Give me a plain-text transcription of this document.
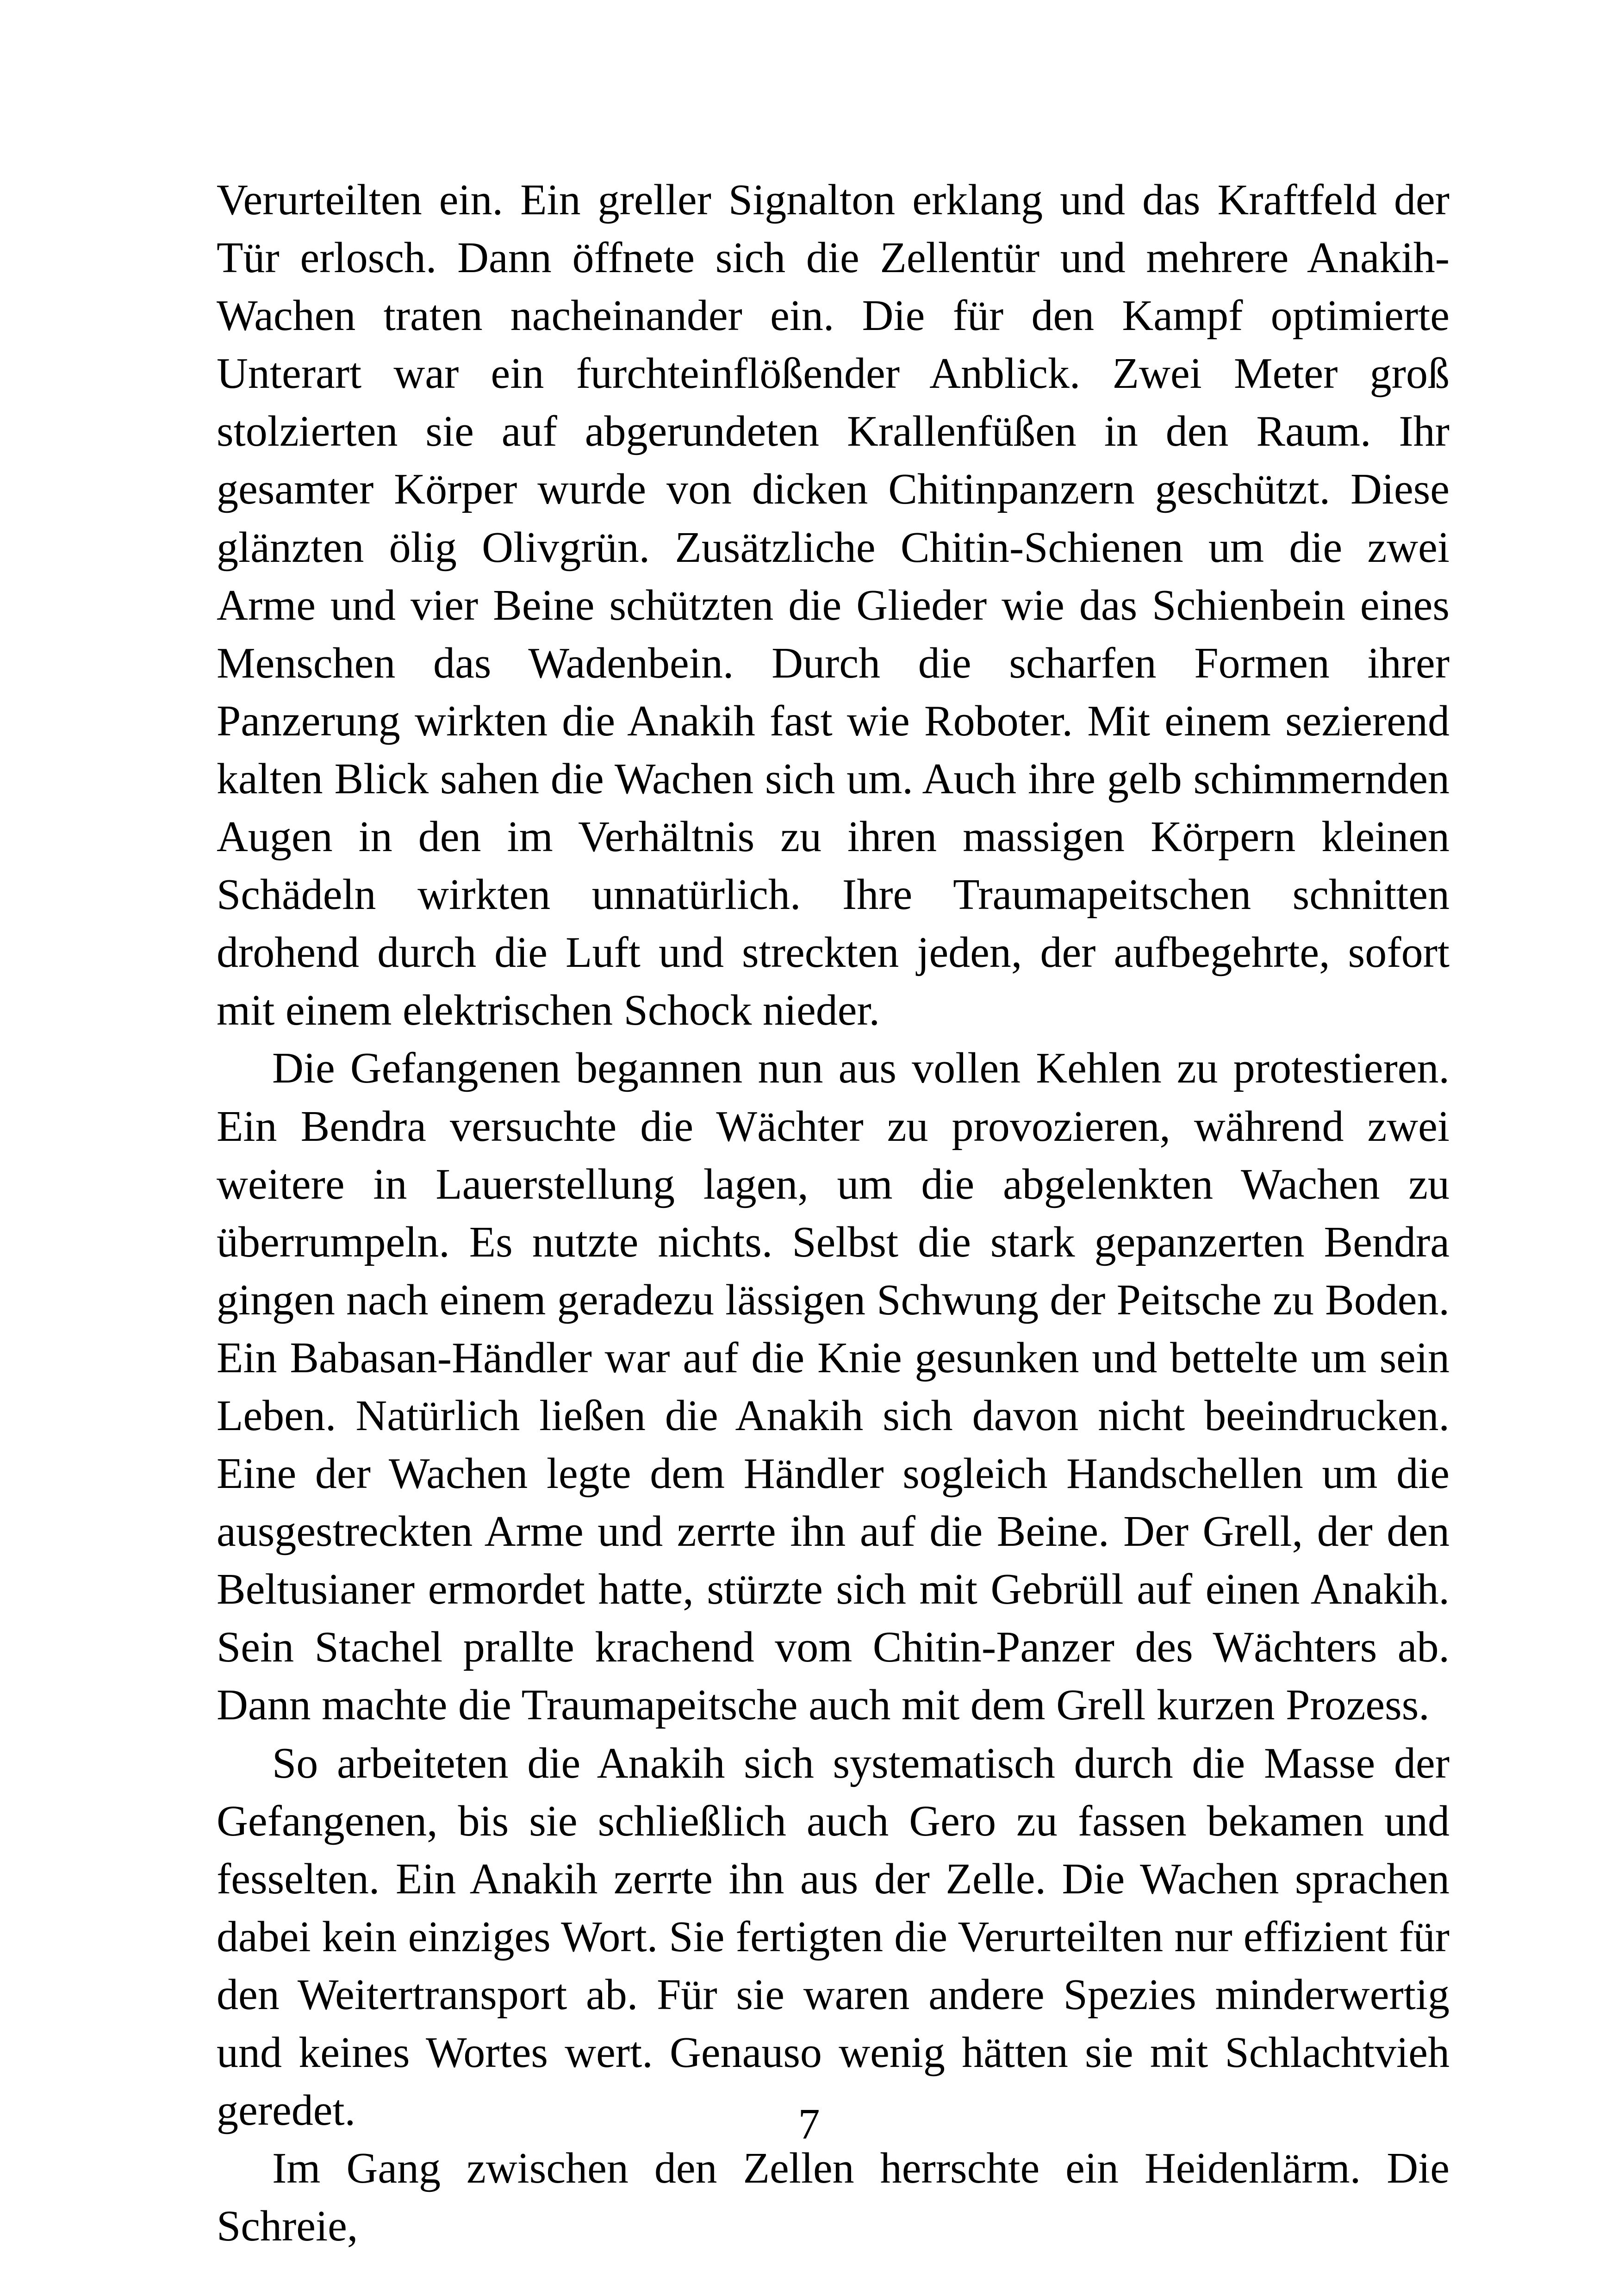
Verurteilten ein. Ein greller Signalton erklang und das Kraftfeld der Tür erlosch. Dann öffnete sich die Zellentür und mehrere Anakih-Wachen traten nacheinander ein. Die für den Kampf optimierte Unterart war ein furchteinflößender Anblick. Zwei Meter groß stolzierten sie auf abgerundeten Krallenfüßen in den Raum. Ihr gesamter Körper wurde von dicken Chitinpanzern geschützt. Diese glänzten ölig Olivgrün. Zusätzliche Chitin-Schienen um die zwei Arme und vier Beine schützten die Glieder wie das Schienbein eines Menschen das Wadenbein. Durch die scharfen Formen ihrer Panzerung wirkten die Anakih fast wie Roboter. Mit einem sezierend kalten Blick sahen die Wachen sich um. Auch ihre gelb schimmernden Augen in den im Verhältnis zu ihren massigen Körpern kleinen Schädeln wirkten unnatürlich. Ihre Traumapeitschen schnitten drohend durch die Luft und streckten jeden, der aufbegehrte, sofort mit einem elektrischen Schock nieder.

Die Gefangenen begannen nun aus vollen Kehlen zu protestieren. Ein Bendra versuchte die Wächter zu provozieren, während zwei weitere in Lauerstellung lagen, um die abgelenkten Wachen zu überrumpeln. Es nutzte nichts. Selbst die stark gepanzerten Bendra gingen nach einem geradezu lässigen Schwung der Peitsche zu Boden. Ein Babasan-Händler war auf die Knie gesunken und bettelte um sein Leben. Natürlich ließen die Anakih sich davon nicht beeindrucken. Eine der Wachen legte dem Händler sogleich Handschellen um die ausgestreckten Arme und zerrte ihn auf die Beine. Der Grell, der den Beltusianer ermordet hatte, stürzte sich mit Gebrüll auf einen Anakih. Sein Stachel prallte krachend vom Chitin-Panzer des Wächters ab. Dann machte die Traumapeitsche auch mit dem Grell kurzen Prozess.

So arbeiteten die Anakih sich systematisch durch die Masse der Gefangenen, bis sie schließlich auch Gero zu fassen bekamen und fesselten. Ein Anakih zerrte ihn aus der Zelle. Die Wachen sprachen dabei kein einziges Wort. Sie fertigten die Verurteilten nur effizient für den Weitertransport ab. Für sie waren andere Spezies minderwertig und keines Wortes wert. Genauso wenig hätten sie mit Schlachtvieh geredet.

Im Gang zwischen den Zellen herrschte ein Heidenlärm. Die Schreie,

7
